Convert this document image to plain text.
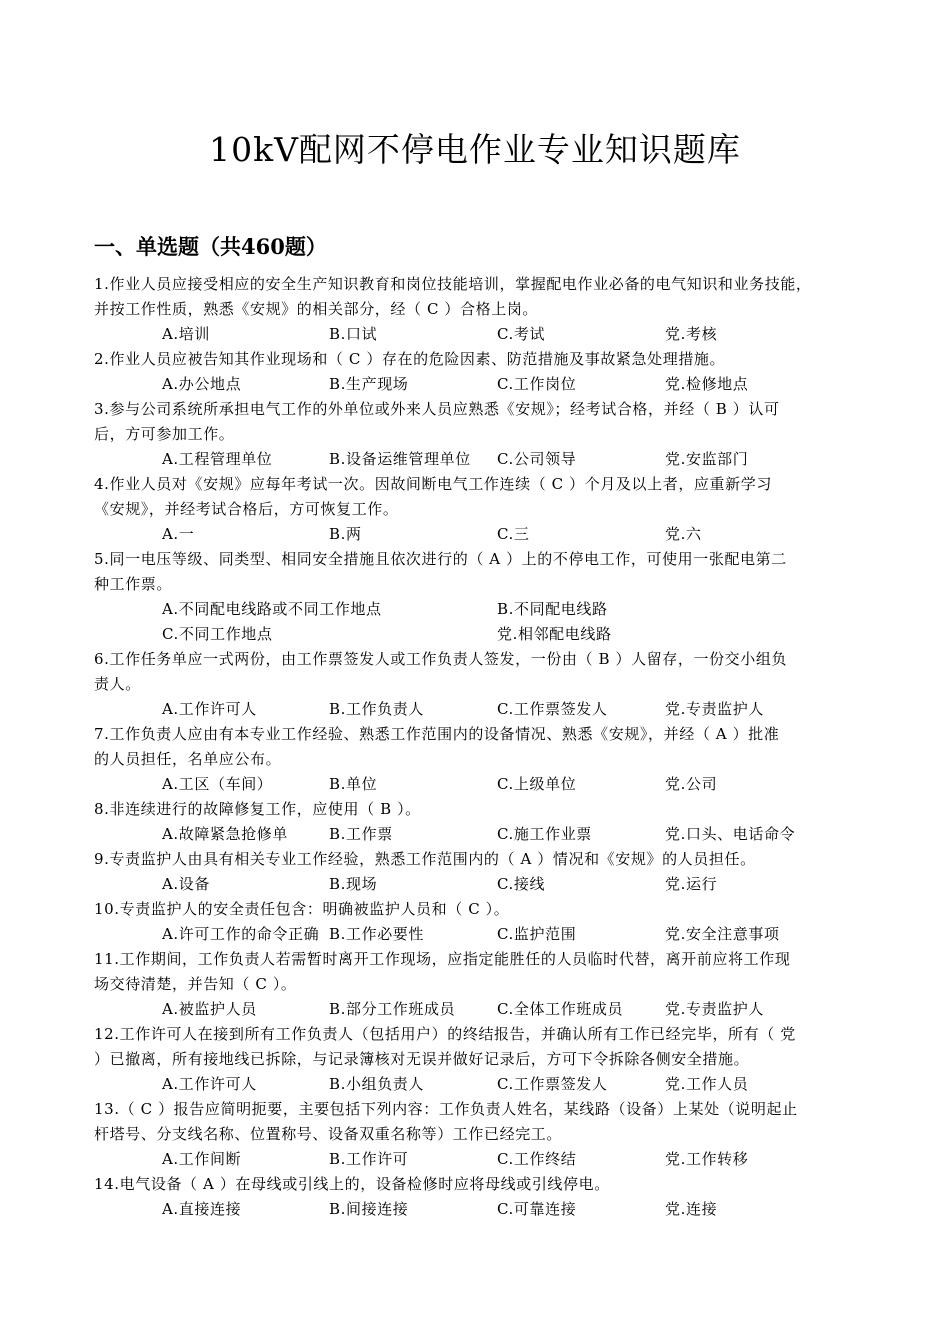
10kV配网不停电作业专业知识题库
一、单选题（共460题）
1.作业人员应接受相应的安全生产知识教育和岗位技能培训，掌握配电作业必备的电气知识和业务技能，
并按工作性质，熟悉《安规》的相关部分，经（ C ）合格上岗。
A.培训	B.口试	C.考试	党.考核
2.作业人员应被告知其作业现场和（ C ）存在的危险因素、防范措施及事故紧急处理措施。
A.办公地点	B.生产现场	C.工作岗位	党.检修地点
3.参与公司系统所承担电气工作的外单位或外来人员应熟悉《安规》；经考试合格，并经（ B ）认可
后，方可参加工作。
A.工程管理单位	B.设备运维管理单位 C.公司领导	党.安监部门
4.作业人员对《安规》应每年考试一次。因故间断电气工作连续（ C ）个月及以上者，应重新学习
《安规》，并经考试合格后，方可恢复工作。
A.一	B.两	C.三	党.六
5.同一电压等级、同类型、相同安全措施且依次进行的（ A ）上的不停电工作，可使用一张配电第二
种工作票。
A.不同配电线路或不同工作地点	B.不同配电线路
C.不同工作地点	党.相邻配电线路
6.工作任务单应一式两份，由工作票签发人或工作负责人签发，一份由（ B ）人留存，一份交小组负
责人。
A.工作许可人	B.工作负责人	C.工作票签发人	党.专责监护人
7.工作负责人应由有本专业工作经验、熟悉工作范围内的设备情况、熟悉《安规》，并经（ A ）批准
的人员担任，名单应公布。
A.工区（车间）	B.单位	C.上级单位	党.公司
8.非连续进行的故障修复工作，应使用（ B ）。
A.故障紧急抢修单	B.工作票	C.施工作业票	党.口头、电话命令
9.专责监护人由具有相关专业工作经验，熟悉工作范围内的（ A ）情况和《安规》的人员担任。
A.设备	B.现场	C.接线	党.运行
10.专责监护人的安全责任包含：明确被监护人员和（ C ）。
A.许可工作的命令正确 B.工作必要性	C.监护范围	党.安全注意事项
11.工作期间，工作负责人若需暂时离开工作现场，应指定能胜任的人员临时代替，离开前应将工作现
场交待清楚，并告知（ C ）。
A.被监护人员	B.部分工作班成员	C.全体工作班成员	党.专责监护人
12.工作许可人在接到所有工作负责人（包括用户）的终结报告，并确认所有工作已经完毕，所有（ 党
）已撤离，所有接地线已拆除，与记录簿核对无误并做好记录后，方可下令拆除各侧安全措施。
A.工作许可人	B.小组负责人	C.工作票签发人	党.工作人员
13.（ C ）报告应简明扼要，主要包括下列内容：工作负责人姓名，某线路（设备）上某处（说明起止
杆塔号、分支线名称、位置称号、设备双重名称等）工作已经完工。
A.工作间断	B.工作许可	C.工作终结	党.工作转移
14.电气设备（ A ）在母线或引线上的，设备检修时应将母线或引线停电。
A.直接连接	B.间接连接	C.可靠连接	党.连接
